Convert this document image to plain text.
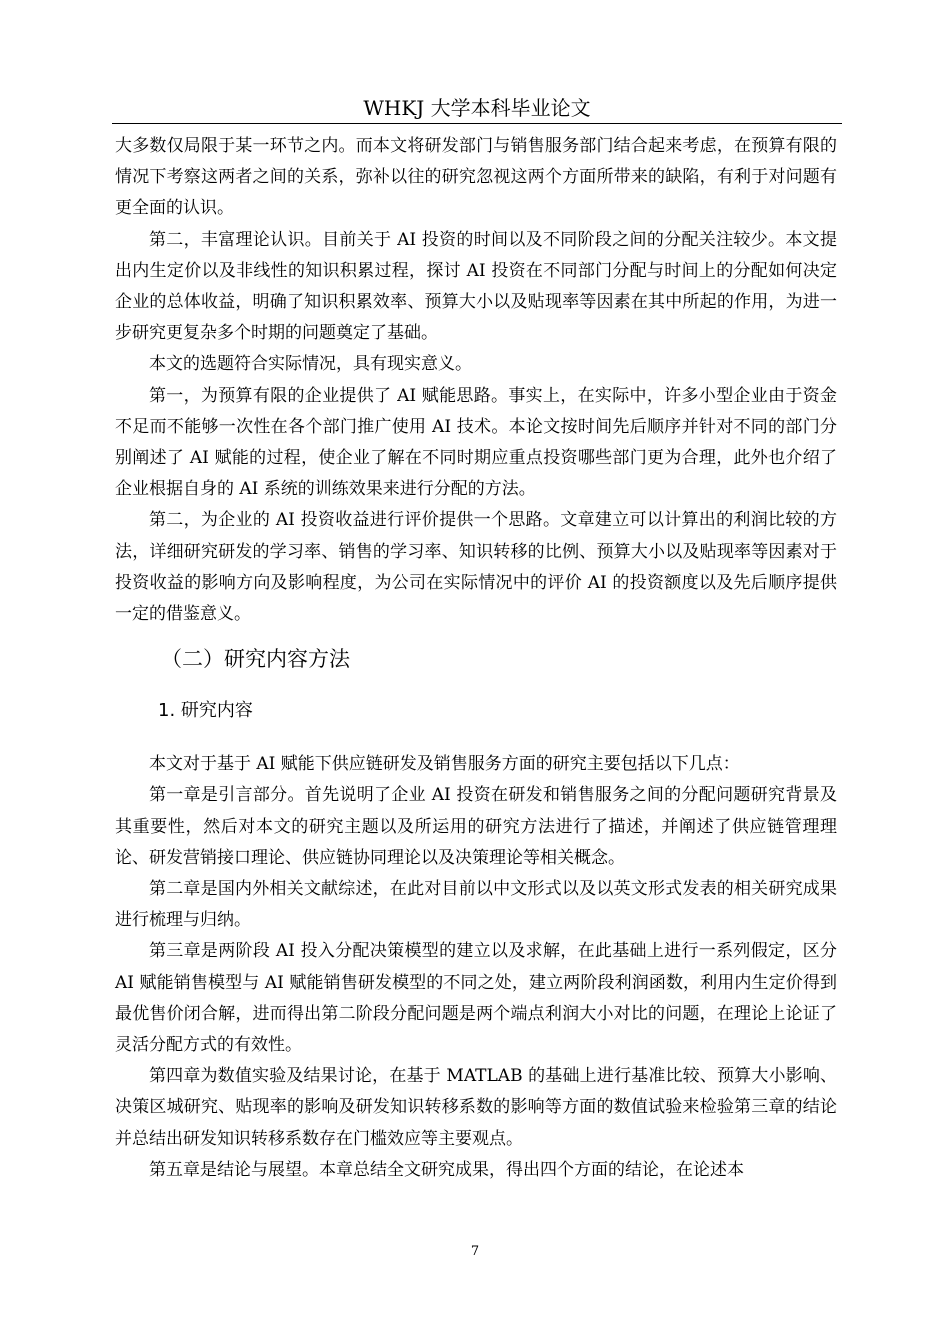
WHKJ 大学本科毕业论文

大多数仅局限于某一环节之内。而本文将研发部门与销售服务部门结合起来考虑，在预算有限的情况下考察这两者之间的关系，弥补以往的研究忽视这两个方面所带来的缺陷，有利于对问题有更全面的认识。

第二，丰富理论认识。目前关于 AI 投资的时间以及不同阶段之间的分配关注较少。本文提出内生定价以及非线性的知识积累过程，探讨 AI 投资在不同部门分配与时间上的分配如何决定企业的总体收益，明确了知识积累效率、预算大小以及贴现率等因素在其中所起的作用，为进一步研究更复杂多个时期的问题奠定了基础。

本文的选题符合实际情况，具有现实意义。

第一，为预算有限的企业提供了 AI 赋能思路。事实上，在实际中，许多小型企业由于资金不足而不能够一次性在各个部门推广使用 AI 技术。本论文按时间先后顺序并针对不同的部门分别阐述了 AI 赋能的过程，使企业了解在不同时期应重点投资哪些部门更为合理，此外也介绍了企业根据自身的 AI 系统的训练效果来进行分配的方法。

第二，为企业的 AI 投资收益进行评价提供一个思路。文章建立可以计算出的利润比较的方法，详细研究研发的学习率、销售的学习率、知识转移的比例、预算大小以及贴现率等因素对于投资收益的影响方向及影响程度，为公司在实际情况中的评价 AI 的投资额度以及先后顺序提供一定的借鉴意义。

（二）研究内容方法
1. 研究内容

本文对于基于 AI 赋能下供应链研发及销售服务方面的研究主要包括以下几点：

第一章是引言部分。首先说明了企业 AI 投资在研发和销售服务之间的分配问题研究背景及其重要性，然后对本文的研究主题以及所运用的研究方法进行了描述，并阐述了供应链管理理论、研发营销接口理论、供应链协同理论以及决策理论等相关概念。

第二章是国内外相关文献综述，在此对目前以中文形式以及以英文形式发表的相关研究成果进行梳理与归纳。

第三章是两阶段 AI 投入分配决策模型的建立以及求解，在此基础上进行一系列假定，区分 AI 赋能销售模型与 AI 赋能销售研发模型的不同之处，建立两阶段利润函数，利用内生定价得到最优售价闭合解，进而得出第二阶段分配问题是两个端点利润大小对比的问题，在理论上论证了灵活分配方式的有效性。

第四章为数值实验及结果讨论，在基于 MATLAB 的基础上进行基准比较、预算大小影响、决策区城研究、贴现率的影响及研发知识转移系数的影响等方面的数值试验来检验第三章的结论并总结出研发知识转移系数存在门槛效应等主要观点。

第五章是结论与展望。本章总结全文研究成果，得出四个方面的结论，在论述本

7
